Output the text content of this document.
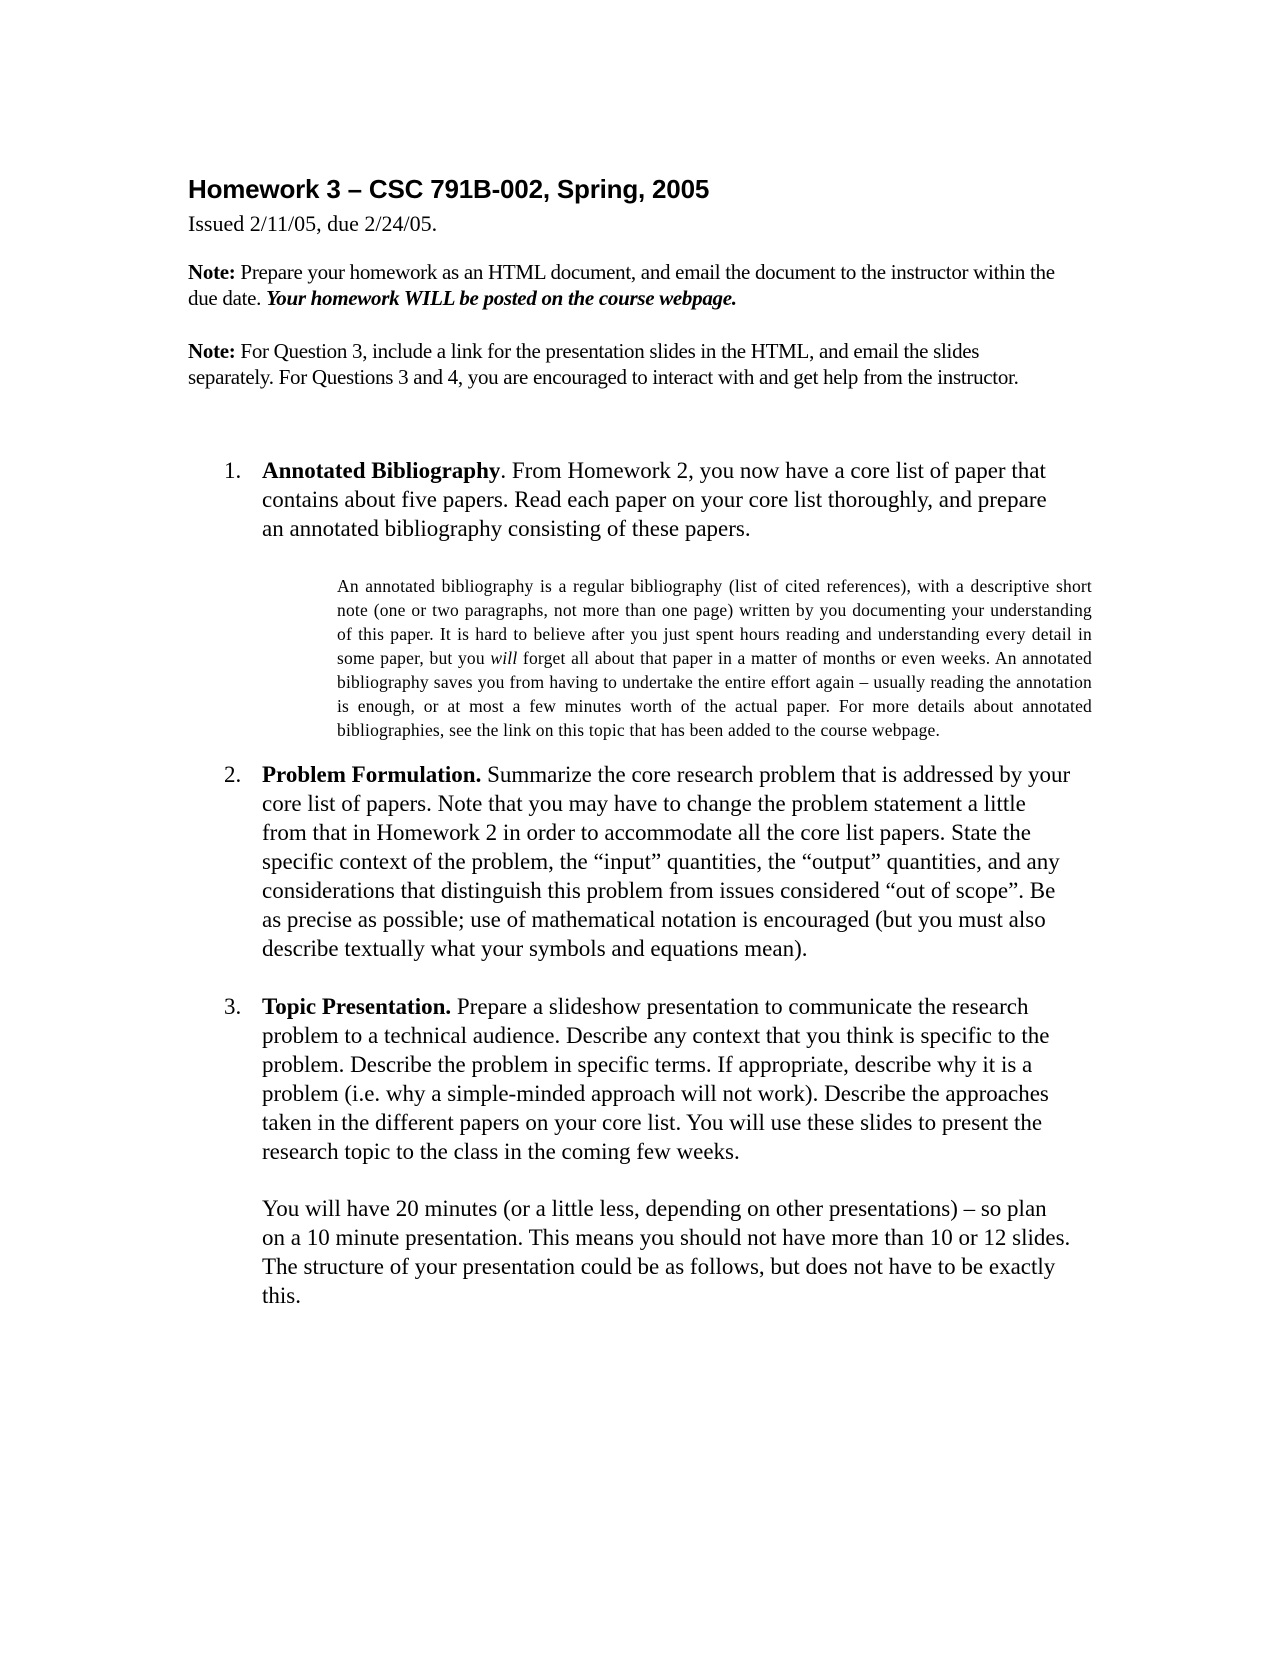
Homework 3 – CSC 791B-002, Spring, 2005

Issued 2/11/05, due 2/24/05.

Note: Prepare your homework as an HTML document, and email the document to the instructor within the due date. Your homework WILL be posted on the course webpage.

Note: For Question 3, include a link for the presentation slides in the HTML, and email the slides separately. For Questions 3 and 4, you are encouraged to interact with and get help from the instructor.

1. Annotated Bibliography. From Homework 2, you now have a core list of paper that contains about five papers. Read each paper on your core list thoroughly, and prepare an annotated bibliography consisting of these papers.

An annotated bibliography is a regular bibliography (list of cited references), with a descriptive short note (one or two paragraphs, not more than one page) written by you documenting your understanding of this paper. It is hard to believe after you just spent hours reading and understanding every detail in some paper, but you will forget all about that paper in a matter of months or even weeks. An annotated bibliography saves you from having to undertake the entire effort again – usually reading the annotation is enough, or at most a few minutes worth of the actual paper. For more details about annotated bibliographies, see the link on this topic that has been added to the course webpage.

2. Problem Formulation. Summarize the core research problem that is addressed by your core list of papers. Note that you may have to change the problem statement a little from that in Homework 2 in order to accommodate all the core list papers. State the specific context of the problem, the “input” quantities, the “output” quantities, and any considerations that distinguish this problem from issues considered “out of scope”. Be as precise as possible; use of mathematical notation is encouraged (but you must also describe textually what your symbols and equations mean).

3. Topic Presentation. Prepare a slideshow presentation to communicate the research problem to a technical audience. Describe any context that you think is specific to the problem. Describe the problem in specific terms. If appropriate, describe why it is a problem (i.e. why a simple-minded approach will not work). Describe the approaches taken in the different papers on your core list. You will use these slides to present the research topic to the class in the coming few weeks.

You will have 20 minutes (or a little less, depending on other presentations) – so plan on a 10 minute presentation. This means you should not have more than 10 or 12 slides. The structure of your presentation could be as follows, but does not have to be exactly this.
